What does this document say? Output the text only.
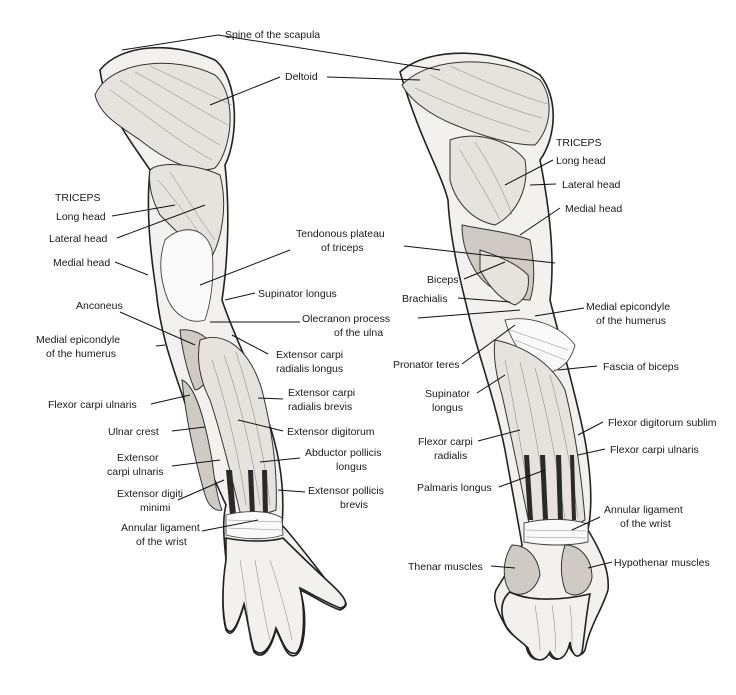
Spine of the scapula
Deltoid
TRICEPS
Long head
Lateral head
Medial head
Anconeus
Medial epicondyle
of the humerus
Flexor carpi ulnaris
Ulnar crest
Extensor
carpi ulnaris
Extensor digiti
minimi
Annular ligament
of the wrist
Tendonous plateau
of triceps
Supinator longus
Olecranon process
of the ulna
Extensor carpi
radialis longus
Extensor carpi
radialis brevis
Extensor digitorum
Abductor pollicis
longus
Extensor pollicis
brevis
TRICEPS
Long head
Lateral head
Medial head
Biceps
Brachialis
Medial epicondyle
of the humerus
Pronator teres	Fascia of biceps
Supinator
longus
Flexor digitorum sublim
Flexor carpi
radialis	Flexor carpi ulnaris
Palmaris longus
Annular ligament
of the wrist
Thenar muscles	Hypothenar muscles
